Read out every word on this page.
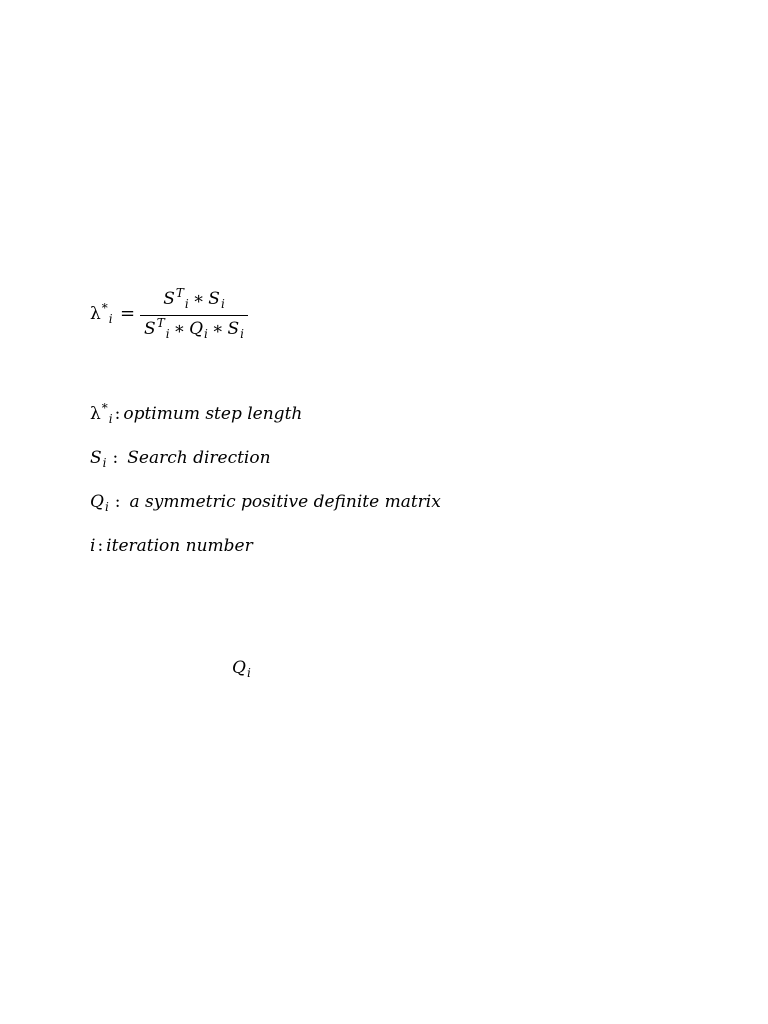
$\lambda^*_i$ =
$S^T_i$ ∗ $S_i$
$S^T_i$ ∗ $Q_i$ ∗ $S_i$
$\lambda^*_i$ : optimum step length
$S_i$ : Search direction
$Q_i$ : a symmetric positive definite matrix
i : iteration number
$Q_i$
